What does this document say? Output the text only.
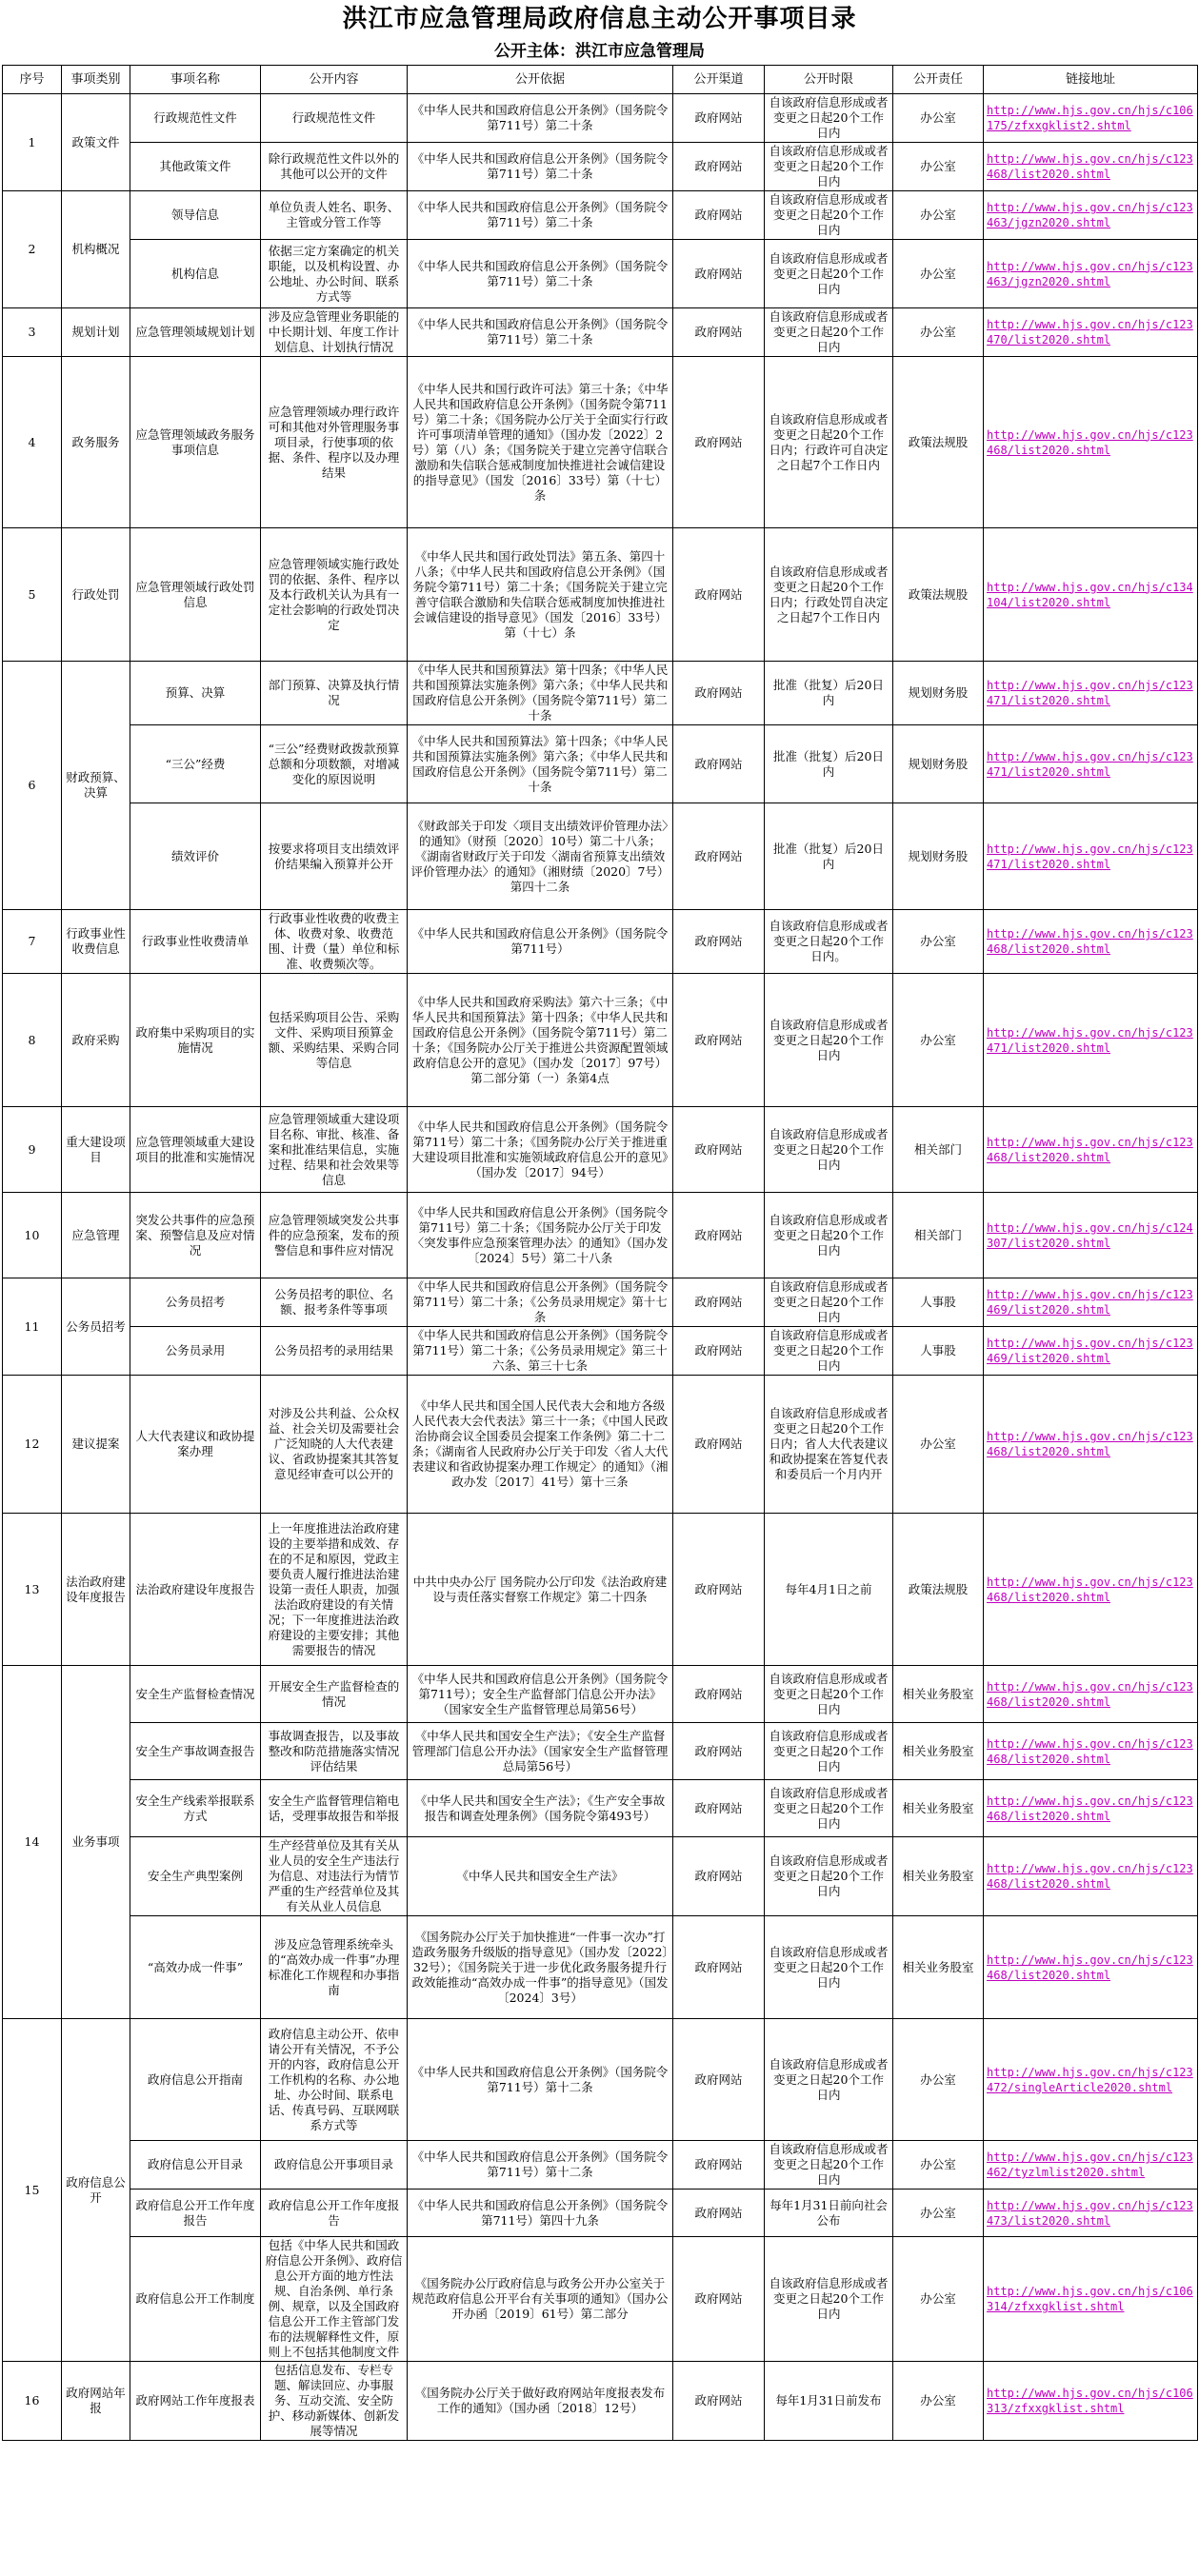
洪江市应急管理局政府信息主动公开事项目录
公开主体：洪江市应急管理局
序号	事项类别	事项名称	公开内容	公开依据	公开渠道	公开时限	公开责任	链接地址
1	政策文件	行政规范性文件	行政规范性文件	《中华人民共和国政府信息公开条例》（国务院令第711号）第二十条	政府网站	自该政府信息形成或者变更之日起20个工作日内	办公室	http://www.hjs.gov.cn/hjs/c106175/zfxxgklist2.shtml
		其他政策文件	除行政规范性文件以外的其他可以公开的文件	《中华人民共和国政府信息公开条例》（国务院令第711号）第二十条	政府网站	自该政府信息形成或者变更之日起20个工作日内	办公室	http://www.hjs.gov.cn/hjs/c123468/list2020.shtml
2	机构概况	领导信息	单位负责人姓名、职务、主管或分管工作等	《中华人民共和国政府信息公开条例》（国务院令第711号）第二十条	政府网站	自该政府信息形成或者变更之日起20个工作日内	办公室	http://www.hjs.gov.cn/hjs/c123463/jgzn2020.shtml
		机构信息	依据三定方案确定的机关职能，以及机构设置、办公地址、办公时间、联系方式等	《中华人民共和国政府信息公开条例》（国务院令第711号）第二十条	政府网站	自该政府信息形成或者变更之日起20个工作日内	办公室	http://www.hjs.gov.cn/hjs/c123463/jgzn2020.shtml
3	规划计划	应急管理领域规划计划	涉及应急管理业务职能的中长期计划、年度工作计划信息、计划执行情况	《中华人民共和国政府信息公开条例》（国务院令第711号）第二十条	政府网站	自该政府信息形成或者变更之日起20个工作日内	办公室	http://www.hjs.gov.cn/hjs/c123470/list2020.shtml
4	政务服务	应急管理领域政务服务事项信息	应急管理领域办理行政许可和其他对外管理服务事项目录，行使事项的依据、条件、程序以及办理结果	《中华人民共和国行政许可法》第三十条；《中华人民共和国政府信息公开条例》（国务院令第711号）第二十条；《国务院办公厅关于全面实行行政许可事项清单管理的通知》（国办发〔2022〕2号）第（八）条；《国务院关于建立完善守信联合激励和失信联合惩戒制度加快推进社会诚信建设的指导意见》（国发〔2016〕33号）第（十七）条	政府网站	自该政府信息形成或者变更之日起20个工作日内；行政许可自决定之日起7个工作日内	政策法规股	http://www.hjs.gov.cn/hjs/c123468/list2020.shtml
5	行政处罚	应急管理领域行政处罚信息	应急管理领域实施行政处罚的依据、条件、程序以及本行政机关认为具有一定社会影响的行政处罚决定	《中华人民共和国行政处罚法》第五条、第四十八条；《中华人民共和国政府信息公开条例》（国务院令第711号）第二十条；《国务院关于建立完善守信联合激励和失信联合惩戒制度加快推进社会诚信建设的指导意见》（国发〔2016〕33号）第（十七）条	政府网站	自该政府信息形成或者变更之日起20个工作日内；行政处罚自决定之日起7个工作日内	政策法规股	http://www.hjs.gov.cn/hjs/c134104/list2020.shtml
6	财政预算、决算	预算、决算	部门预算、决算及执行情况	《中华人民共和国预算法》第十四条；《中华人民共和国预算法实施条例》第六条；《中华人民共和国政府信息公开条例》（国务院令第711号）第二十条	政府网站	批准（批复）后20日内	规划财务股	http://www.hjs.gov.cn/hjs/c123471/list2020.shtml
		“三公”经费	“三公”经费财政拨款预算总额和分项数额，对增减变化的原因说明	《中华人民共和国预算法》第十四条；《中华人民共和国预算法实施条例》第六条；《中华人民共和国政府信息公开条例》（国务院令第711号）第二十条	政府网站	批准（批复）后20日内	规划财务股	http://www.hjs.gov.cn/hjs/c123471/list2020.shtml
		绩效评价	按要求将项目支出绩效评价结果编入预算并公开	《财政部关于印发〈项目支出绩效评价管理办法〉的通知》（财预〔2020〕10号）第二十八条；《湖南省财政厅关于印发〈湖南省预算支出绩效评价管理办法〉的通知》（湘财绩〔2020〕7号）第四十二条	政府网站	批准（批复）后20日内	规划财务股	http://www.hjs.gov.cn/hjs/c123471/list2020.shtml
7	行政事业性收费信息	行政事业性收费清单	行政事业性收费的收费主体、收费对象、收费范围、计费（量）单位和标准、收费频次等。	《中华人民共和国政府信息公开条例》（国务院令第711号）	政府网站	自该政府信息形成或者变更之日起20个工作日内。	办公室	http://www.hjs.gov.cn/hjs/c123468/list2020.shtml
8	政府采购	政府集中采购项目的实施情况	包括采购项目公告、采购文件、采购项目预算金额、采购结果、采购合同等信息	《中华人民共和国政府采购法》第六十三条；《中华人民共和国预算法》第十四条；《中华人民共和国政府信息公开条例》（国务院令第711号）第二十条；《国务院办公厅关于推进公共资源配置领域政府信息公开的意见》（国办发〔2017〕97号）第二部分第（一）条第4点	政府网站	自该政府信息形成或者变更之日起20个工作日内	办公室	http://www.hjs.gov.cn/hjs/c123471/list2020.shtml
9	重大建设项目	应急管理领域重大建设项目的批准和实施情况	应急管理领域重大建设项目名称、审批、核准、备案和批准结果信息，实施过程、结果和社会效果等信息	《中华人民共和国政府信息公开条例》（国务院令第711号）第二十条；《国务院办公厅关于推进重大建设项目批准和实施领域政府信息公开的意见》（国办发〔2017〕94号）	政府网站	自该政府信息形成或者变更之日起20个工作日内	相关部门	http://www.hjs.gov.cn/hjs/c123468/list2020.shtml
10	应急管理	突发公共事件的应急预案、预警信息及应对情况	应急管理领域突发公共事件的应急预案，发布的预警信息和事件应对情况	《中华人民共和国政府信息公开条例》（国务院令第711号）第二十条；《国务院办公厅关于印发〈突发事件应急预案管理办法〉的通知》（国办发〔2024〕5号）第二十八条	政府网站	自该政府信息形成或者变更之日起20个工作日内	相关部门	http://www.hjs.gov.cn/hjs/c124307/list2020.shtml
11	公务员招考	公务员招考	公务员招考的职位、名额、报考条件等事项	《中华人民共和国政府信息公开条例》（国务院令第711号）第二十条；《公务员录用规定》第十七条	政府网站	自该政府信息形成或者变更之日起20个工作日内	人事股	http://www.hjs.gov.cn/hjs/c123469/list2020.shtml
		公务员录用	公务员招考的录用结果	《中华人民共和国政府信息公开条例》（国务院令第711号）第二十条；《公务员录用规定》第三十六条、第三十七条	政府网站	自该政府信息形成或者变更之日起20个工作日内	人事股	http://www.hjs.gov.cn/hjs/c123469/list2020.shtml
12	建议提案	人大代表建议和政协提案办理	对涉及公共利益、公众权益、社会关切及需要社会广泛知晓的人大代表建议、省政协提案其其答复意见经审查可以公开的	《中华人民共和国全国人民代表大会和地方各级人民代表大会代表法》第三十一条；《中国人民政治协商会议全国委员会提案工作条例》第二十二条；《湖南省人民政府办公厅关于印发〈省人大代表建议和省政协提案办理工作规定〉的通知》（湘政办发〔2017〕41号）第十三条	政府网站	自该政府信息形成或者变更之日起20个工作日内；省人大代表建议和政协提案在答复代表和委员后一个月内开	办公室	http://www.hjs.gov.cn/hjs/c123468/list2020.shtml
13	法治政府建设年度报告	法治政府建设年度报告	上一年度推进法治政府建设的主要举措和成效、存在的不足和原因，党政主要负责人履行推进法治建设第一责任人职责，加强法治政府建设的有关情况；下一年度推进法治政府建设的主要安排；其他需要报告的情况	中共中央办公厅 国务院办公厅印发《法治政府建设与责任落实督察工作规定》第二十四条	政府网站	每年4月1日之前	政策法规股	http://www.hjs.gov.cn/hjs/c123468/list2020.shtml
14	业务事项	安全生产监督检查情况	开展安全生产监督检查的情况	《中华人民共和国政府信息公开条例》（国务院令第711号）；安全生产监督部门信息公开办法》（国家安全生产监督管理总局第56号）	政府网站	自该政府信息形成或者变更之日起20个工作日内	相关业务股室	http://www.hjs.gov.cn/hjs/c123468/list2020.shtml
		安全生产事故调查报告	事故调查报告，以及事故整改和防范措施落实情况评估结果	《中华人民共和国安全生产法》；《安全生产监督管理部门信息公开办法》（国家安全生产监督管理总局第56号）	政府网站	自该政府信息形成或者变更之日起20个工作日内	相关业务股室	http://www.hjs.gov.cn/hjs/c123468/list2020.shtml
		安全生产线索举报联系方式	安全生产监督管理信箱电话，受理事故报告和举报	《中华人民共和国安全生产法》；《生产安全事故报告和调查处理条例》（国务院令第493号）	政府网站	自该政府信息形成或者变更之日起20个工作日内	相关业务股室	http://www.hjs.gov.cn/hjs/c123468/list2020.shtml
		安全生产典型案例	生产经营单位及其有关从业人员的安全生产违法行为信息、对违法行为情节严重的生产经营单位及其有关从业人员信息	《中华人民共和国安全生产法》	政府网站	自该政府信息形成或者变更之日起20个工作日内	相关业务股室	http://www.hjs.gov.cn/hjs/c123468/list2020.shtml
		“高效办成一件事”	涉及应急管理系统牵头的“高效办成一件事”办理标准化工作规程和办事指南	《国务院办公厅关于加快推进“一件事一次办”打造政务服务升级版的指导意见》（国办发〔2022〕32号）；《国务院关于进一步优化政务服务提升行政效能推动“高效办成一件事”的指导意见》（国发〔2024〕3号）	政府网站	自该政府信息形成或者变更之日起20个工作日内	相关业务股室	http://www.hjs.gov.cn/hjs/c123468/list2020.shtml
15	政府信息公开	政府信息公开指南	政府信息主动公开、依申请公开有关情况，不予公开的内容，政府信息公开工作机构的名称、办公地址、办公时间、联系电话、传真号码、互联网联系方式等	《中华人民共和国政府信息公开条例》（国务院令第711号）第十二条	政府网站	自该政府信息形成或者变更之日起20个工作日内	办公室	http://www.hjs.gov.cn/hjs/c123472/singleArticle2020.shtml
		政府信息公开目录	政府信息公开事项目录	《中华人民共和国政府信息公开条例》（国务院令第711号）第十二条	政府网站	自该政府信息形成或者变更之日起20个工作日内	办公室	http://www.hjs.gov.cn/hjs/c123462/tyzlmlist2020.shtml
		政府信息公开工作年度报告	政府信息公开工作年度报告	《中华人民共和国政府信息公开条例》（国务院令第711号）第四十九条	政府网站	每年1月31日前向社会公布	办公室	http://www.hjs.gov.cn/hjs/c123473/list2020.shtml
		政府信息公开工作制度	包括《中华人民共和国政府信息公开条例》、政府信息公开方面的地方性法规、自治条例、单行条例、规章，以及全国政府信息公开工作主管部门发布的法规解释性文件，原则上不包括其他制度文件	《国务院办公厅政府信息与政务公开办公室关于规范政府信息公开平台有关事项的通知》（国办公开办函〔2019〕61号）第二部分	政府网站	自该政府信息形成或者变更之日起20个工作日内	办公室	http://www.hjs.gov.cn/hjs/c106314/zfxxgklist.shtml
16	政府网站年报	政府网站工作年度报表	包括信息发布、专栏专题、解读回应、办事服务、互动交流、安全防护、移动新媒体、创新发展等情况	《国务院办公厅关于做好政府网站年度报表发布工作的通知》（国办函〔2018〕12号）	政府网站	每年1月31日前发布	办公室	http://www.hjs.gov.cn/hjs/c106313/zfxxgklist.shtml
